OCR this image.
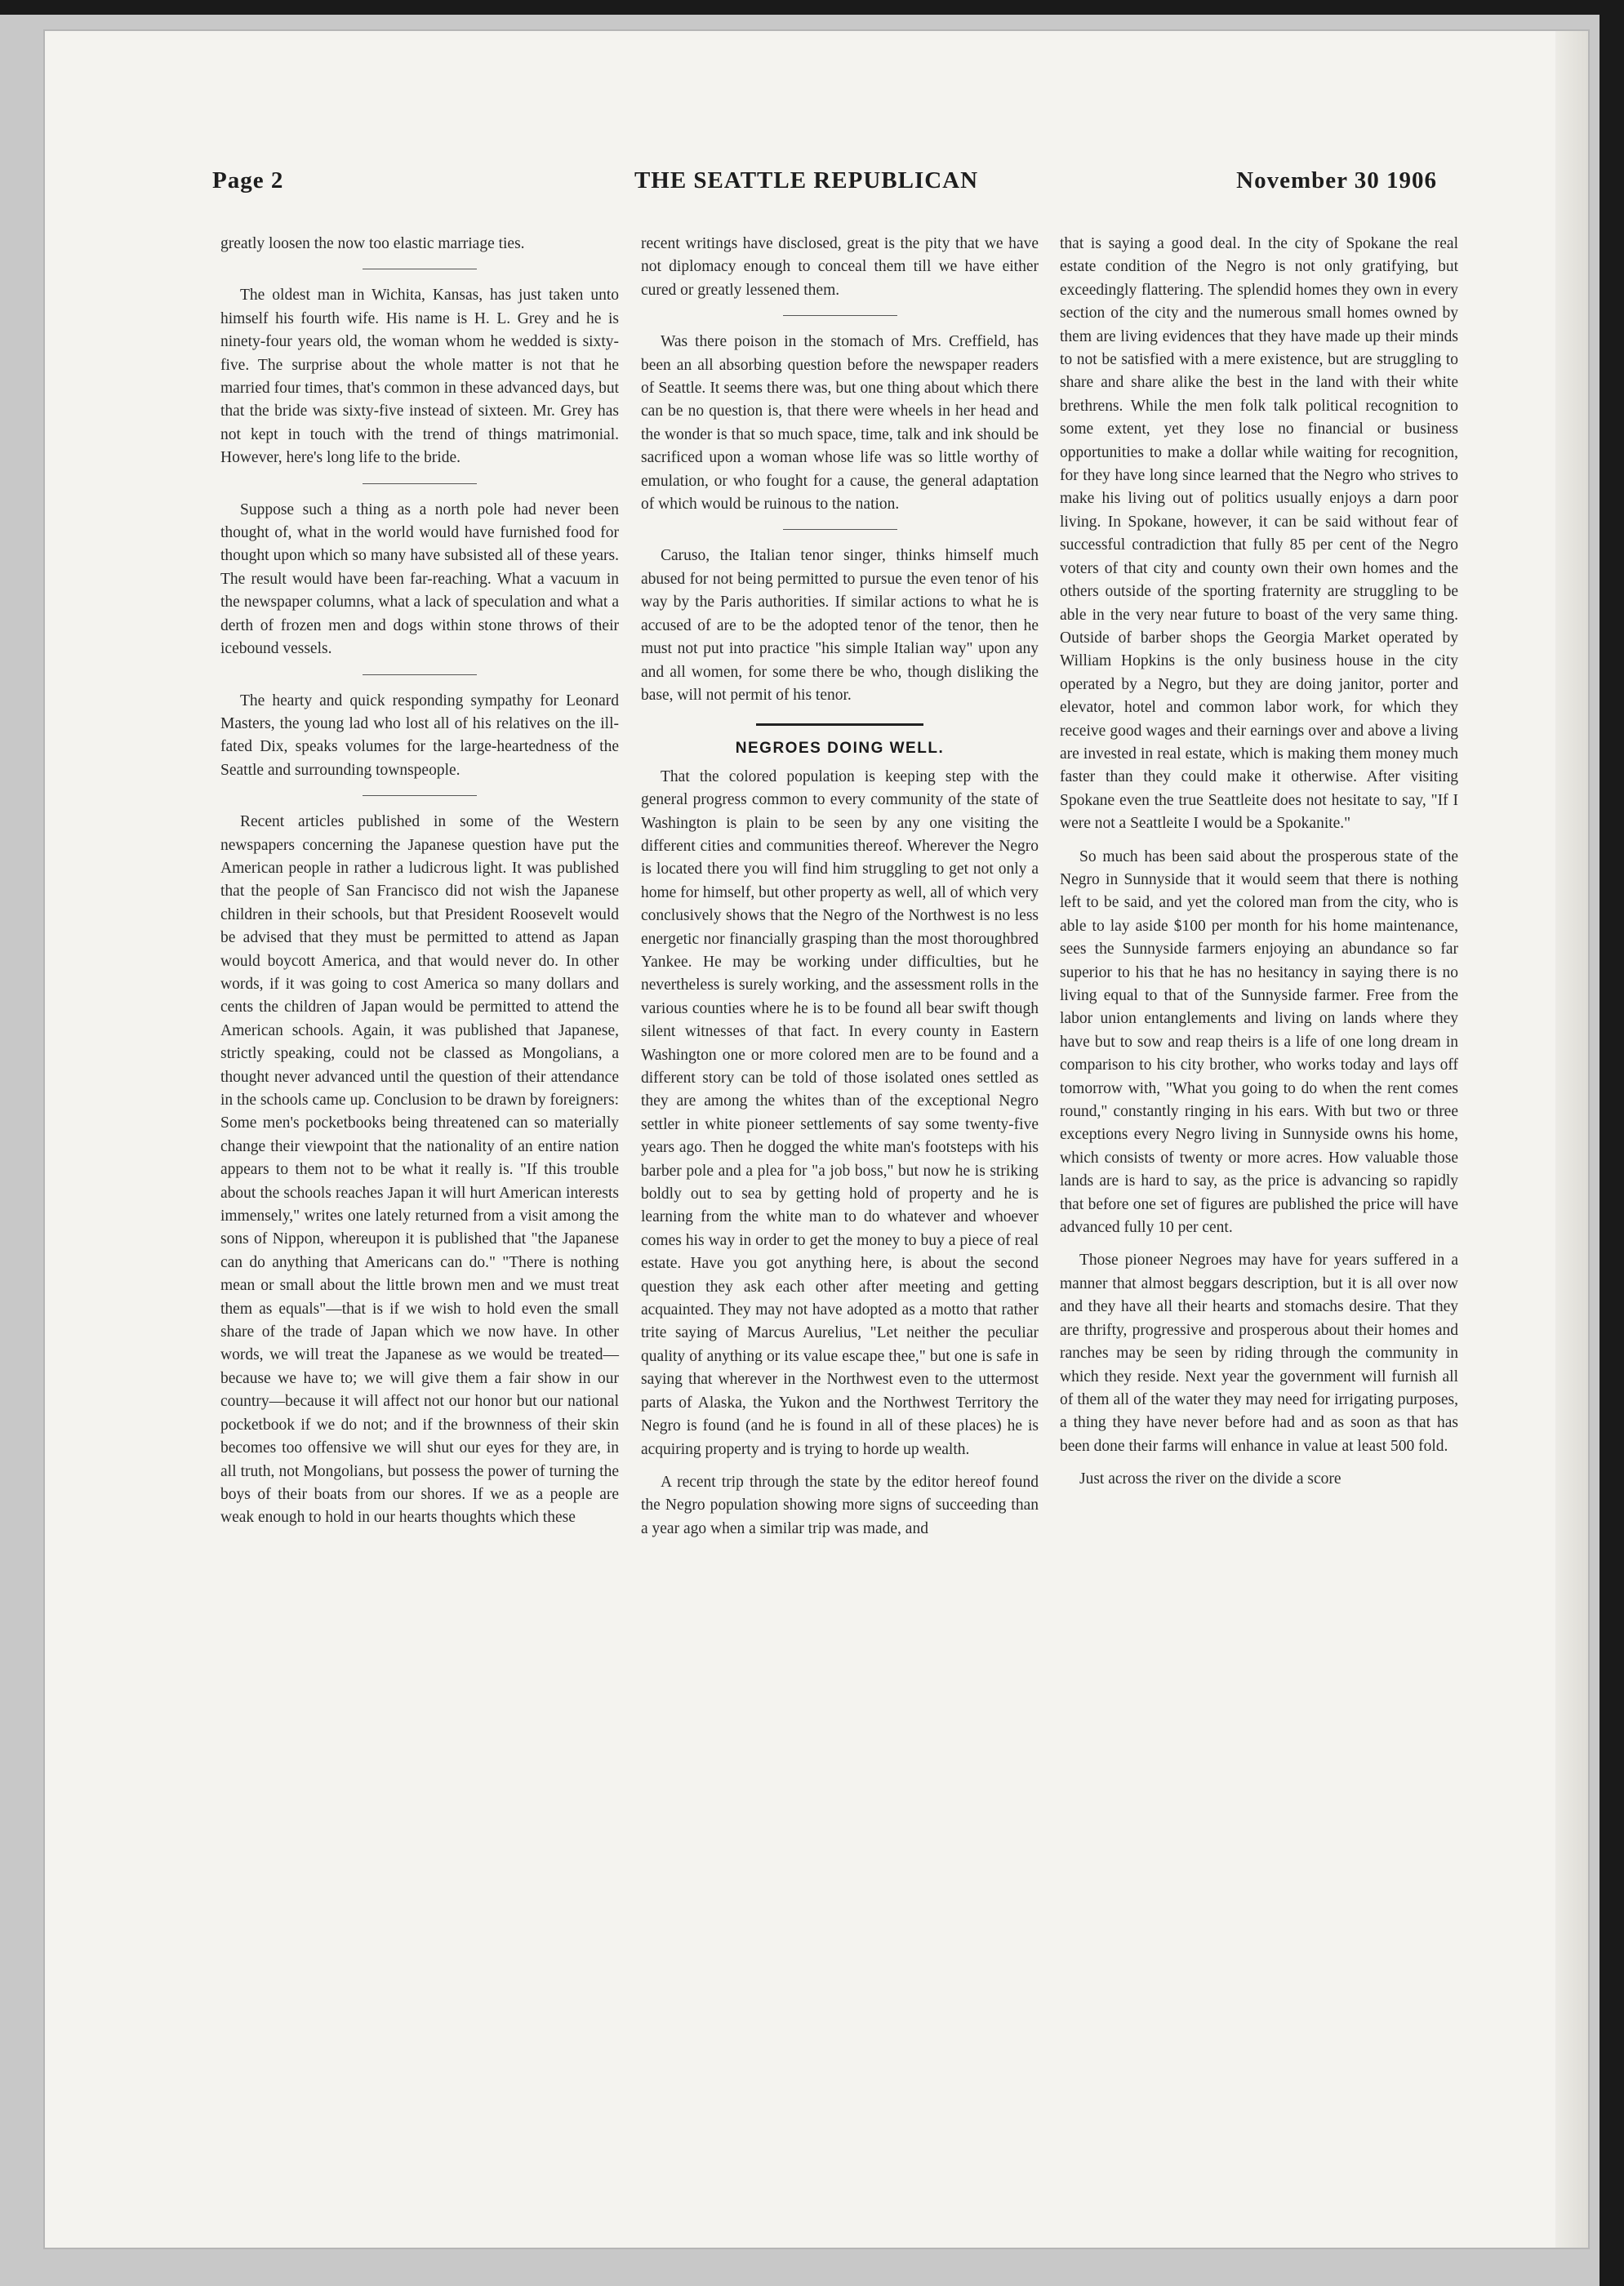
Page 2	THE SEATTLE REPUBLICAN	November 30 1906

greatly loosen the now too elastic marriage ties.

The oldest man in Wichita, Kansas, has just taken unto himself his fourth wife. His name is H. L. Grey and he is ninety-four years old, the woman whom he wedded is sixty-five. The surprise about the whole matter is not that he married four times, that's common in these advanced days, but that the bride was sixty-five instead of sixteen. Mr. Grey has not kept in touch with the trend of things matrimonial. However, here's long life to the bride.

Suppose such a thing as a north pole had never been thought of, what in the world would have furnished food for thought upon which so many have subsisted all of these years. The result would have been far-reaching. What a vacuum in the newspaper columns, what a lack of speculation and what a derth of frozen men and dogs within stone throws of their icebound vessels.

The hearty and quick responding sympathy for Leonard Masters, the young lad who lost all of his relatives on the ill-fated Dix, speaks volumes for the large-heartedness of the Seattle and surrounding townspeople.

Recent articles published in some of the Western newspapers concerning the Japanese question have put the American people in rather a ludicrous light. It was published that the people of San Francisco did not wish the Japanese children in their schools, but that President Roosevelt would be advised that they must be permitted to attend as Japan would boycott America, and that would never do. In other words, if it was going to cost America so many dollars and cents the children of Japan would be permitted to attend the American schools. Again, it was published that Japanese, strictly speaking, could not be classed as Mongolians, a thought never advanced until the question of their attendance in the schools came up. Conclusion to be drawn by foreigners: Some men's pocketbooks being threatened can so materially change their viewpoint that the nationality of an entire nation appears to them not to be what it really is. "If this trouble about the schools reaches Japan it will hurt American interests immensely," writes one lately returned from a visit among the sons of Nippon, whereupon it is published that "the Japanese can do anything that Americans can do." "There is nothing mean or small about the little brown men and we must treat them as equals"—that is if we wish to hold even the small share of the trade of Japan which we now have. In other words, we will treat the Japanese as we would be treated—because we have to; we will give them a fair show in our country—because it will affect not our honor but our national pocketbook if we do not; and if the brownness of their skin becomes too offensive we will shut our eyes for they are, in all truth, not Mongolians, but possess the power of turning the boys of their boats from our shores. If we as a people are weak enough to hold in our hearts thoughts which these

recent writings have disclosed, great is the pity that we have not diplomacy enough to conceal them till we have either cured or greatly lessened them.

Was there poison in the stomach of Mrs. Creffield, has been an all absorbing question before the newspaper readers of Seattle. It seems there was, but one thing about which there can be no question is, that there were wheels in her head and the wonder is that so much space, time, talk and ink should be sacrificed upon a woman whose life was so little worthy of emulation, or who fought for a cause, the general adaptation of which would be ruinous to the nation.

Caruso, the Italian tenor singer, thinks himself much abused for not being permitted to pursue the even tenor of his way by the Paris authorities. If similar actions to what he is accused of are to be the adopted tenor of the tenor, then he must not put into practice "his simple Italian way" upon any and all women, for some there be who, though disliking the base, will not permit of his tenor.

NEGROES DOING WELL.

That the colored population is keeping step with the general progress common to every community of the state of Washington is plain to be seen by any one visiting the different cities and communities thereof. Wherever the Negro is located there you will find him struggling to get not only a home for himself, but other property as well, all of which very conclusively shows that the Negro of the Northwest is no less energetic nor financially grasping than the most thoroughbred Yankee. He may be working under difficulties, but he nevertheless is surely working, and the assessment rolls in the various counties where he is to be found all bear swift though silent witnesses of that fact. In every county in Eastern Washington one or more colored men are to be found and a different story can be told of those isolated ones settled as they are among the whites than of the exceptional Negro settler in white pioneer settlements of say some twenty-five years ago. Then he dogged the white man's footsteps with his barber pole and a plea for "a job boss," but now he is striking boldly out to sea by getting hold of property and he is learning from the white man to do whatever and whoever comes his way in order to get the money to buy a piece of real estate. Have you got anything here, is about the second question they ask each other after meeting and getting acquainted. They may not have adopted as a motto that rather trite saying of Marcus Aurelius, "Let neither the peculiar quality of anything or its value escape thee," but one is safe in saying that wherever in the Northwest even to the uttermost parts of Alaska, the Yukon and the Northwest Territory the Negro is found (and he is found in all of these places) he is acquiring property and is trying to horde up wealth.

A recent trip through the state by the editor hereof found the Negro population showing more signs of succeeding than a year ago when a similar trip was made, and

that is saying a good deal. In the city of Spokane the real estate condition of the Negro is not only gratifying, but exceedingly flattering. The splendid homes they own in every section of the city and the numerous small homes owned by them are living evidences that they have made up their minds to not be satisfied with a mere existence, but are struggling to share and share alike the best in the land with their white brethrens. While the men folk talk political recognition to some extent, yet they lose no financial or business opportunities to make a dollar while waiting for recognition, for they have long since learned that the Negro who strives to make his living out of politics usually enjoys a darn poor living. In Spokane, however, it can be said without fear of successful contradiction that fully 85 per cent of the Negro voters of that city and county own their own homes and the others outside of the sporting fraternity are struggling to be able in the very near future to boast of the very same thing. Outside of barber shops the Georgia Market operated by William Hopkins is the only business house in the city operated by a Negro, but they are doing janitor, porter and elevator, hotel and common labor work, for which they receive good wages and their earnings over and above a living are invested in real estate, which is making them money much faster than they could make it otherwise. After visiting Spokane even the true Seattleite does not hesitate to say, "If I were not a Seattleite I would be a Spokanite."

So much has been said about the prosperous state of the Negro in Sunnyside that it would seem that there is nothing left to be said, and yet the colored man from the city, who is able to lay aside $100 per month for his home maintenance, sees the Sunnyside farmers enjoying an abundance so far superior to his that he has no hesitancy in saying there is no living equal to that of the Sunnyside farmer. Free from the labor union entanglements and living on lands where they have but to sow and reap theirs is a life of one long dream in comparison to his city brother, who works today and lays off tomorrow with, "What you going to do when the rent comes round," constantly ringing in his ears. With but two or three exceptions every Negro living in Sunnyside owns his home, which consists of twenty or more acres. How valuable those lands are is hard to say, as the price is advancing so rapidly that before one set of figures are published the price will have advanced fully 10 per cent.

Those pioneer Negroes may have for years suffered in a manner that almost beggars description, but it is all over now and they have all their hearts and stomachs desire. That they are thrifty, progressive and prosperous about their homes and ranches may be seen by riding through the community in which they reside. Next year the government will furnish all of them all of the water they may need for irrigating purposes, a thing they have never before had and as soon as that has been done their farms will enhance in value at least 500 fold.

Just across the river on the divide a score
